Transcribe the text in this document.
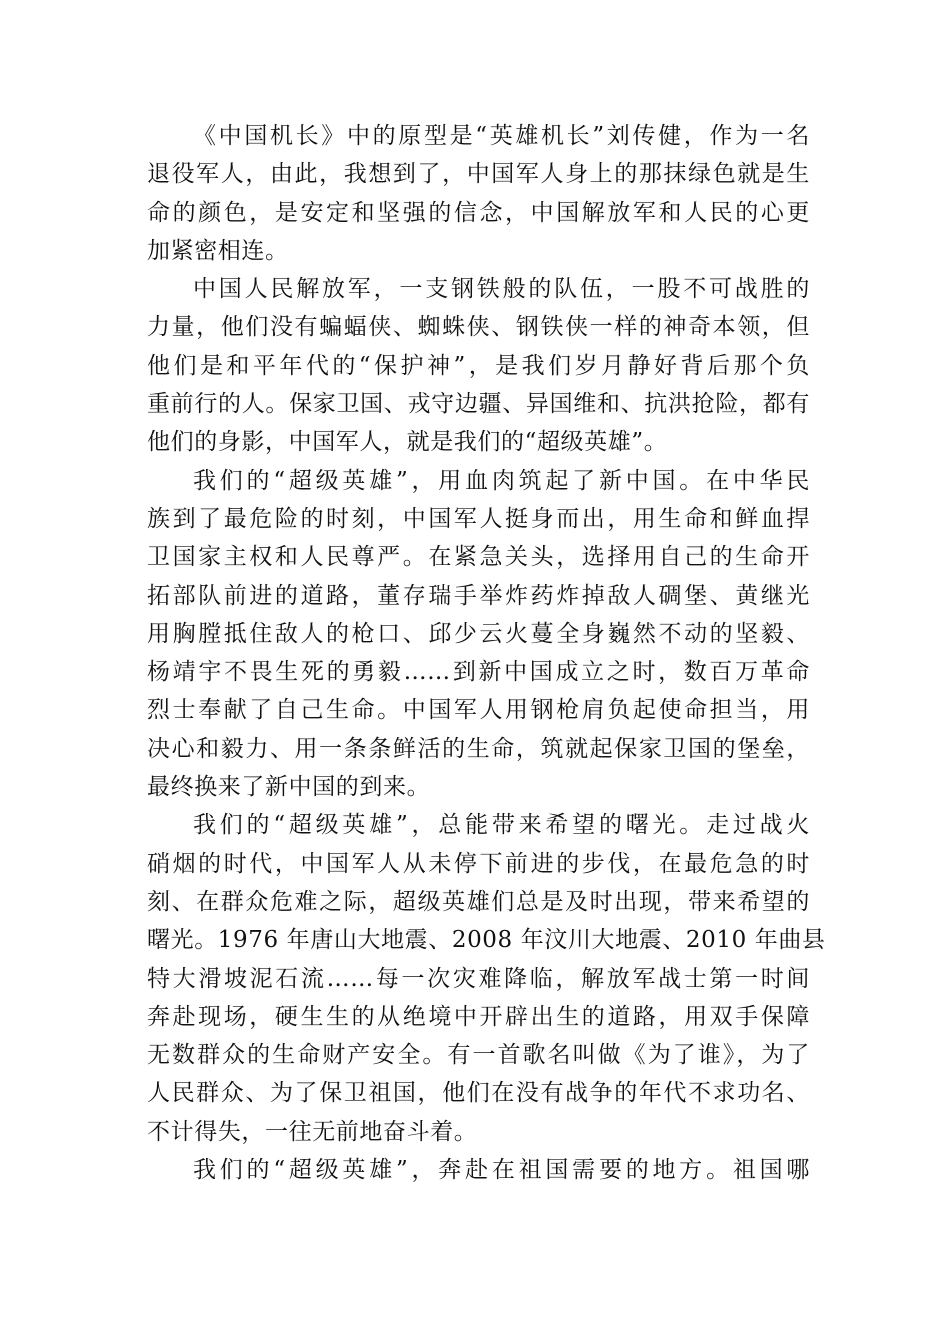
《中国机长》中的原型是“英雄机长”刘传健，作为一名
退役军人，由此，我想到了，中国军人身上的那抹绿色就是生
命的颜色，是安定和坚强的信念，中国解放军和人民的心更
加紧密相连。
中国人民解放军，一支钢铁般的队伍，一股不可战胜的
力量，他们没有蝙蝠侠、蜘蛛侠、钢铁侠一样的神奇本领，但
他们是和平年代的“保护神”，是我们岁月静好背后那个负
重前行的人。保家卫国、戎守边疆、异国维和、抗洪抢险，都有
他们的身影，中国军人，就是我们的“超级英雄”。
我们的“超级英雄”，用血肉筑起了新中国。在中华民
族到了最危险的时刻，中国军人挺身而出，用生命和鲜血捍
卫国家主权和人民尊严。在紧急关头，选择用自己的生命开
拓部队前进的道路，董存瑞手举炸药炸掉敌人碉堡、黄继光
用胸膛抵住敌人的枪口、邱少云火蔓全身巍然不动的坚毅、
杨靖宇不畏生死的勇毅……到新中国成立之时，数百万革命
烈士奉献了自己生命。中国军人用钢枪肩负起使命担当，用
决心和毅力、用一条条鲜活的生命，筑就起保家卫国的堡垒，
最终换来了新中国的到来。
我们的“超级英雄”，总能带来希望的曙光。走过战火
硝烟的时代，中国军人从未停下前进的步伐，在最危急的时
刻、在群众危难之际，超级英雄们总是及时出现，带来希望的
曙光。1976 年唐山大地震、2008 年汶川大地震、2010 年曲县
特大滑坡泥石流……每一次灾难降临，解放军战士第一时间
奔赴现场，硬生生的从绝境中开辟出生的道路，用双手保障
无数群众的生命财产安全。有一首歌名叫做《为了谁》，为了
人民群众、为了保卫祖国，他们在没有战争的年代不求功名、
不计得失，一往无前地奋斗着。
我们的“超级英雄”，奔赴在祖国需要的地方。祖国哪
